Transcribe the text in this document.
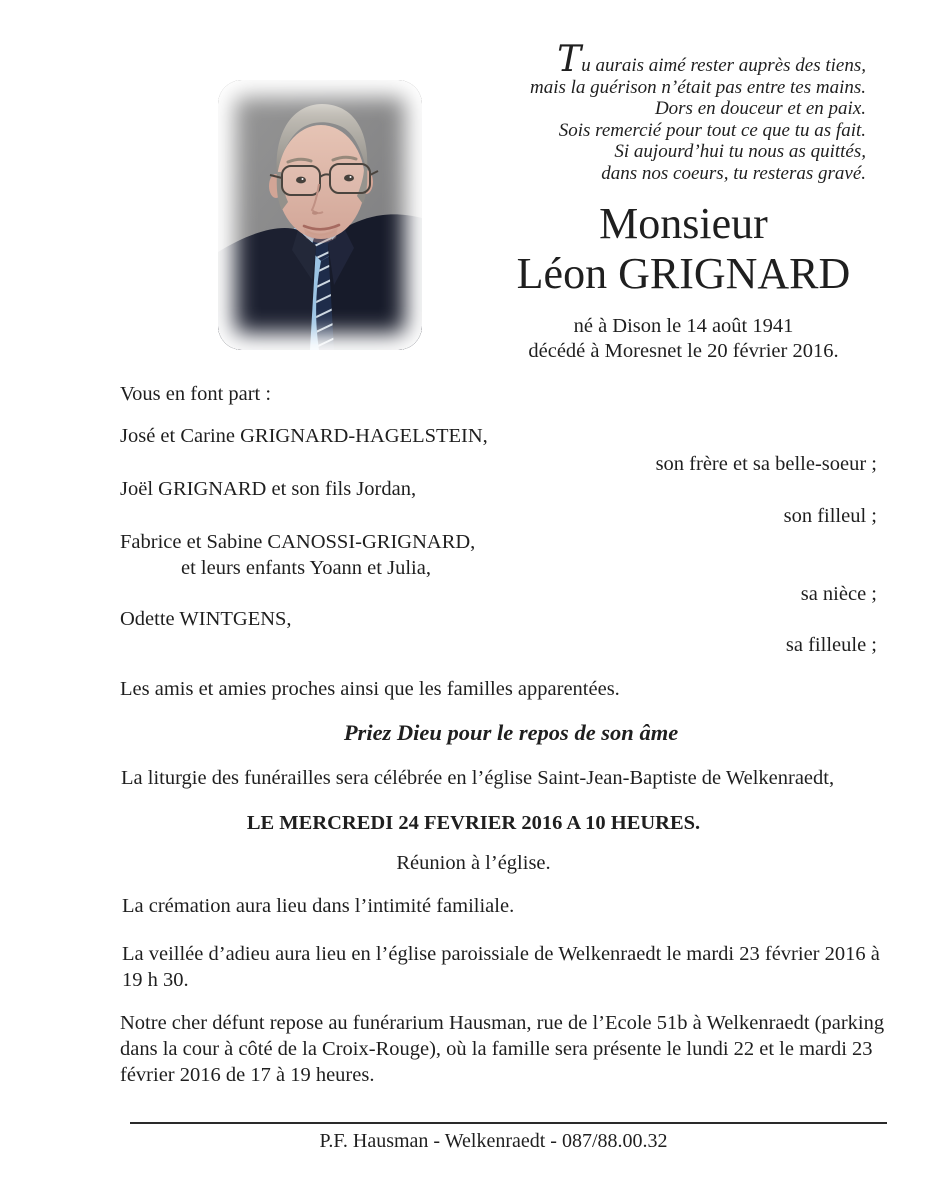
Tu aurais aimé rester auprès des tiens,
mais la guérison n’était pas entre tes mains.
Dors en douceur et en paix.
Sois remercié pour tout ce que tu as fait.
Si aujourd’hui tu nous as quittés,
dans nos coeurs, tu resteras gravé.
Monsieur
Léon GRIGNARD
né à Dison le 14 août 1941
décédé à Moresnet le 20 février 2016.
Vous en font part :
José et Carine GRIGNARD-HAGELSTEIN,
son frère et sa belle-soeur ;
Joël GRIGNARD et son fils Jordan,
son filleul ;
Fabrice et Sabine CANOSSI-GRIGNARD,
et leurs enfants Yoann et Julia,
sa nièce ;
Odette WINTGENS,
sa filleule ;
Les amis et amies proches ainsi que les familles apparentées.
Priez Dieu pour le repos de son âme
La liturgie des funérailles sera célébrée en l’église Saint-Jean-Baptiste de Welkenraedt,
LE MERCREDI 24 FEVRIER 2016 A 10 HEURES.
Réunion à l’église.
La crémation aura lieu dans l’intimité familiale.
La veillée d’adieu aura lieu en l’église paroissiale de Welkenraedt le mardi 23 février 2016 à 19 h 30.
Notre cher défunt repose au funérarium Hausman, rue de l’Ecole 51b à Welkenraedt (parking dans la cour à côté de la Croix-Rouge), où la famille sera présente le lundi 22 et le mardi 23 février 2016 de 17 à 19 heures.
P.F. Hausman - Welkenraedt - 087/88.00.32
